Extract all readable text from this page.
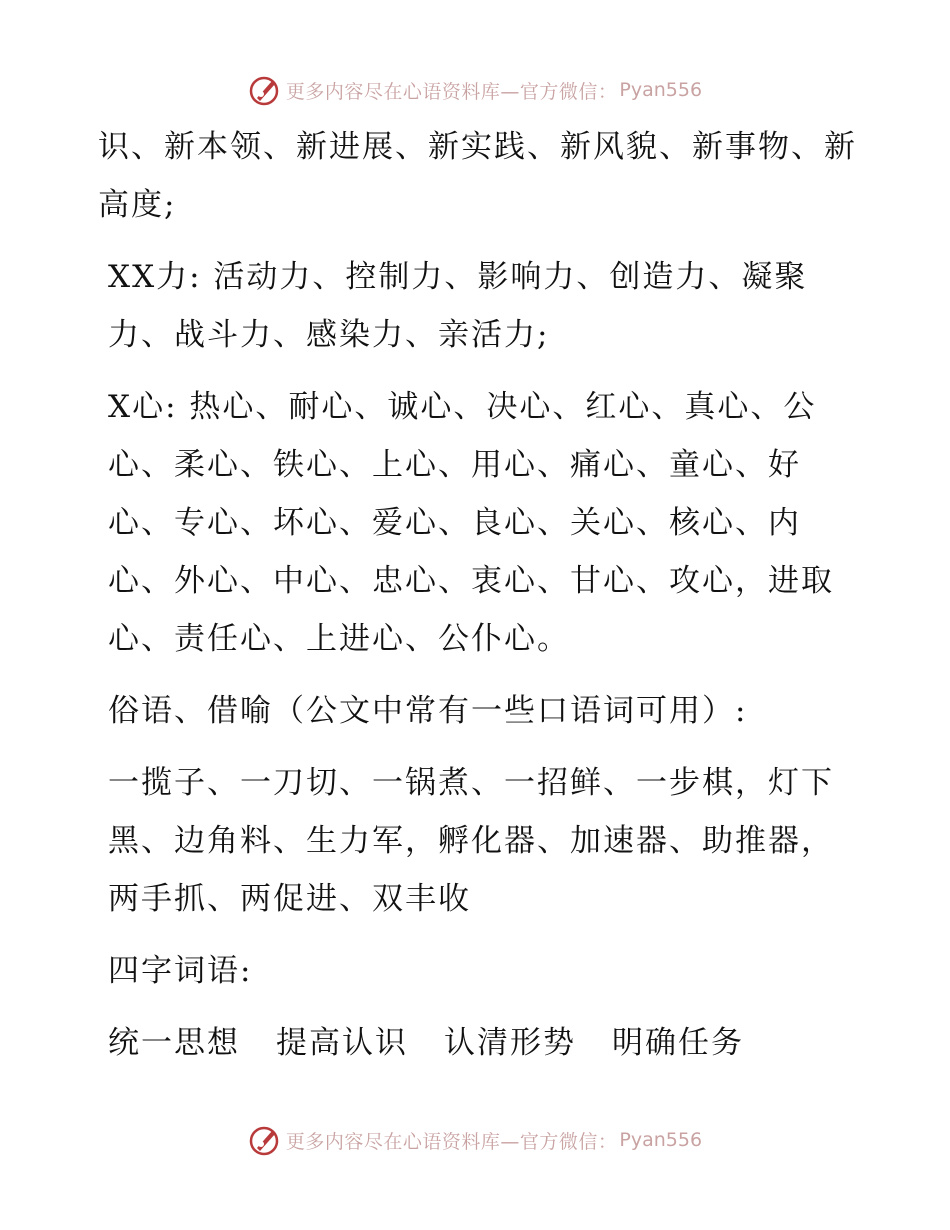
更多内容尽在心语资料库—官方微信： Pyan556

识、新本领、新进展、新实践、新风貌、新事物、新高度;

XX力: 活动力、控制力、影响力、创造力、凝聚力、战斗力、感染力、亲活力;

X心: 热心、耐心、诚心、决心、红心、真心、公心、柔心、铁心、上心、用心、痛心、童心、好心、专心、坏心、爱心、良心、关心、核心、内心、外心、中心、忠心、衷心、甘心、攻心，进取心、责任心、上进心、公仆心。

俗语、借喻（公文中常有一些口语词可用）:

一揽子、一刀切、一锅煮、一招鲜、一步棋，灯下黑、边角料、生力军，孵化器、加速器、助推器，两手抓、两促进、双丰收

四字词语:

统一思想 提高认识 认清形势 明确任务
更多内容尽在心语资料库—官方微信： Pyan556
